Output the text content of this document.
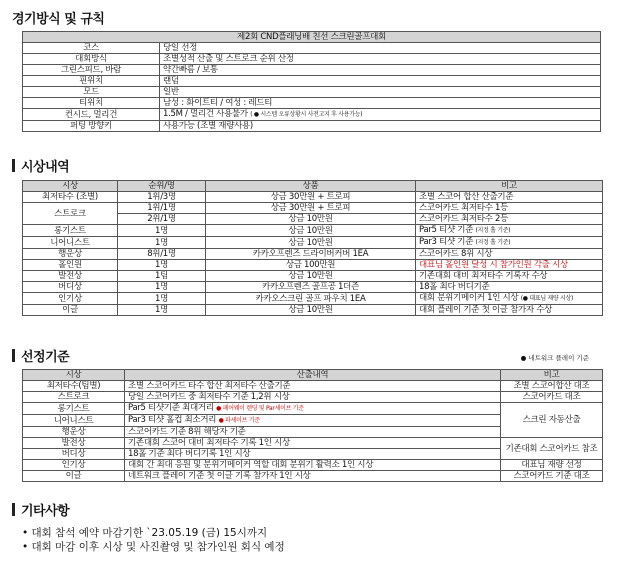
경기방식 및 규칙
제2회 CND플래닝배 친선 스크린골프대회	
코스	당일 선정
대회방식	조별성적 산출 및 스트로크 순위 산정
그린스피드, 바람	약간빠름 / 보통
핀위치	랜덤
모드	일반
티위치	남성 : 화이트티 / 여성 : 레드티
컨시드, 멀리건	1.5M / 멀리건 사용불가 ( ● 시스템 오류상황시 사전고지 후 사용가능)
퍼팅 방향키	사용가능 (조별 재량사용)
시상내역
시상	순위/명	상품	비고
최저타수 (조별)	1위/3명	상금 30만원 + 트로피	조별 스코어 합산 산출기준
스트로크	1위/1명	상금 30만원 + 트로피	스코어카드 최저타수 1등
	2위/1명	상금 10만원	스코어카드 최저타수 2등
롱기스트	1명	상금 10만원	Par5 티샷 기준 (지정 홀 기준)
니어니스트	1명	상금 10만원	Par3 티샷 기준 (지정 홀 기준)
행운상	8위/1명	카카오프렌즈 드라이버커버 1EA	스코어카드 8위 시상
홀인원	1명	상금 100만원	대표님 홀인원 달성 시 참가인원 각출 시상
발전상	1팀	상금 10만원	기존대회 대비 최저타수 기록자 수상
버디상	1명	카카오프렌즈 골프공 1더즌	18홀 최다 버디기준
인기상	1명	카카오스크린 골프 파우치 1EA	대회 분위기메이커 1인 시상 (● 대표님 재량 시상)
이글	1명	상금 10만원	대회 플레이 기준 첫 이글 참가자 수상
선정기준	● 네트워크 플레이 기준
시상	산출내역	비고
최저타수(팀별)	조별 스코어카드 타수 합산 최저타수 산출기준	조별 스코어합산 대조
스트로크	당일 스코어카드 중 최저타수 기준 1,2위 시상	스코어카드 대조
롱기스트	Par5 티샷기준 최대거리 ● 페어웨이 랜딩 및 Par세이브 기준	스크린 자동산출
니어니스트	Par3 티샷 홀컵 최소거리 ● 파세이브 기준	
행운상	스코어카드 기준 8위 해당자 기준	
발전상	기존대회 스코어 대비 최저타수 기록 1인 시상	기존대회 스코어카드 참조
버디상	18홀 기준 최다 버디기록 1인 시상	
인기상	대회 간 최대 응원 및 분위기메이커 역할 대회 분위기 활력소 1인 시상	대표님 재량 선정
이글	네트워크 플레이 기준 첫 이글 기록 참가자 1인 시상	스코어카드 기준 대조
기타사항
• 대회 참석 예약 마감기한 `23.05.19 (금) 15시까지
• 대회 마감 이후 시상 및 사진촬영 및 참가인원 회식 예정
